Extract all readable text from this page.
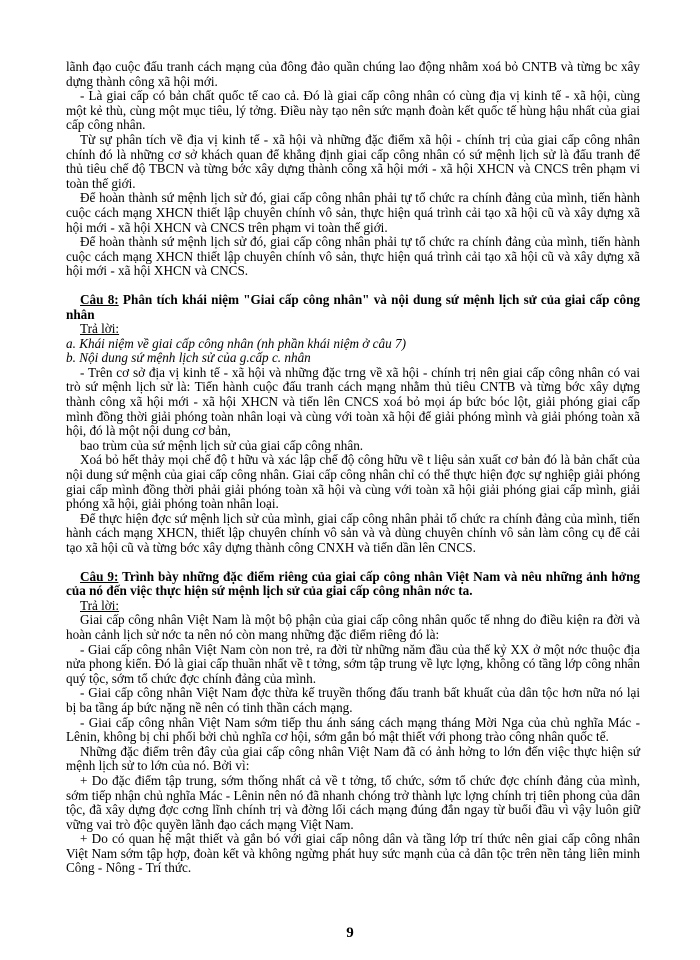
lãnh đạo cuộc đấu tranh cách mạng của đông đảo quần chúng lao động nhằm xoá bỏ CNTB và từng bc xây dựng thành công xã hội mới.

- Là giai cấp có bản chất quốc tế cao cả. Đó là giai cấp công nhân có cùng địa vị kinh tế - xã hội, cùng một kẻ thù, cùng một mục tiêu, lý tởng. Điều này tạo nên sức mạnh đoàn kết quốc tế hùng hậu nhất của giai cấp công nhân.

Từ sự phân tích về địa vị kinh tế - xã hội và những đặc điểm xã hội - chính trị của giai cấp công nhân chính đó là những cơ sở khách quan để khẳng định giai cấp công nhân có sứ mệnh lịch sử là đấu tranh để thủ tiêu chế độ TBCN và từng bớc xây dựng thành công xã hội mới - xã hội XHCN và CNCS trên phạm vi toàn thế giới.

Để hoàn thành sứ mệnh lịch sử đó, giai cấp công nhân phải tự tổ chức ra chính đảng của mình, tiến hành cuộc cách mạng XHCN thiết lập chuyên chính vô sản, thực hiện quá trình cải tạo xã hội cũ và xây dựng xã hội mới - xã hội XHCN và CNCS trên phạm vi toàn thế giới.

Để hoàn thành sứ mệnh lịch sử đó, giai cấp công nhân phải tự tổ chức ra chính đảng của mình, tiến hành cuộc cách mạng XHCN thiết lập chuyên chính vô sản, thực hiện quá trình cải tạo xã hội cũ và xây dựng xã hội mới - xã hội XHCN và CNCS.

Câu 8: Phân tích khái niệm "Giai cấp công nhân" và nội dung sứ mệnh lịch sử của giai cấp công nhân

Trả lời:

a. Khái niệm về giai cấp công nhân (nh phần khái niệm ở câu 7)

b. Nội dung sứ mệnh lịch sử của g.cấp c. nhân

- Trên cơ sở địa vị kinh tế - xã hội và những đặc trng về xã hội - chính trị nên giai cấp công nhân có vai trò sứ mệnh lịch sử là: Tiến hành cuộc đấu tranh cách mạng nhằm thủ tiêu CNTB và từng bớc xây dựng thành công xã hội mới - xã hội XHCN và tiến lên CNCS xoá bỏ mọi áp bức bóc lột, giải phóng giai cấp mình đồng thời giải phóng toàn nhân loại và cùng với toàn xã hội để giải phóng mình và giải phóng toàn xã hội, đó là một nội dung cơ bản,

bao trùm của sứ mệnh lịch sử của giai cấp công nhân.

Xoá bỏ hết thảy mọi chế độ t hữu và xác lập chế độ công hữu về t liệu sản xuất cơ bản đó là bản chất của nội dung sứ mệnh của giai cấp công nhân. Giai cấp công nhân chỉ có thể thực hiện đợc sự nghiệp giải phóng giai cấp mình đồng thời phải giải phóng toàn xã hội và cùng với toàn xã hội giải phóng giai cấp mình, giải phóng xã hội, giải phóng toàn nhân loại.

Để thực hiện đợc sứ mệnh lịch sử của mình, giai cấp công nhân phải tổ chức ra chính đảng của mình, tiến hành cách mạng XHCN, thiết lập chuyên chính vô sản và và dùng chuyên chính vô sản làm công cụ để cải tạo xã hội cũ và từng bớc xây dựng thành công CNXH và tiến dần lên CNCS.

Câu 9: Trình bày những đặc điểm riêng của giai cấp công nhân Việt Nam và nêu những ảnh hởng của nó đến việc thực hiện sứ mệnh lịch sử của giai cấp công nhân nớc ta.

Trả lời:

Giai cấp công nhân Việt Nam là một bộ phận của giai cấp công nhân quốc tế nhng do điều kiện ra đời và hoàn cảnh lịch sử nớc ta nên nó còn mang những đặc điểm riêng đó là:

- Giai cấp công nhân Việt Nam còn non trẻ, ra đời từ những năm đầu của thế kỷ XX ở một nớc thuộc địa nửa phong kiến. Đó là giai cấp thuần nhất về t tởng, sớm tập trung về lực lợng, không có tầng lớp công nhân quý tộc, sớm tổ chức đợc chính đảng của mình.

- Giai cấp công nhân Việt Nam đợc thừa kế truyền thống đấu tranh bất khuất của dân tộc hơn nữa nó lại bị ba tầng áp bức nặng nề nên có tinh thần cách mạng.

- Giai cấp công nhân Việt Nam sớm tiếp thu ánh sáng cách mạng tháng Mời Nga của chủ nghĩa Mác - Lênin, không bị chi phối bởi chủ nghĩa cơ hội, sớm gắn bó mật thiết với phong trào công nhân quốc tế.

Những đặc điểm trên đây của giai cấp công nhân Việt Nam đã có ảnh hởng to lớn đến việc thực hiện sứ mệnh lịch sử to lớn của nó. Bởi vì:

+ Do đặc điểm tập trung, sớm thống nhất cả về t tởng, tổ chức, sớm tổ chức đợc chính đảng của mình, sớm tiếp nhận chủ nghĩa Mác - Lênin nên nó đã nhanh chóng trở thành lực lợng chính trị tiên phong của dân tộc, đã xây dựng đợc cơng lĩnh chính trị và đờng lối cách mạng đúng đắn ngay từ buổi đầu vì vậy luôn giữ vững vai trò độc quyền lãnh đạo cách mạng Việt Nam.

+ Do có quan hệ mật thiết và gắn bó với giai cấp nông dân và tầng lớp trí thức nên giai cấp công nhân Việt Nam sớm tập hợp, đoàn kết và không ngừng phát huy sức mạnh của cả dân tộc trên nền tảng liên minh Công - Nông - Trí thức.

9
